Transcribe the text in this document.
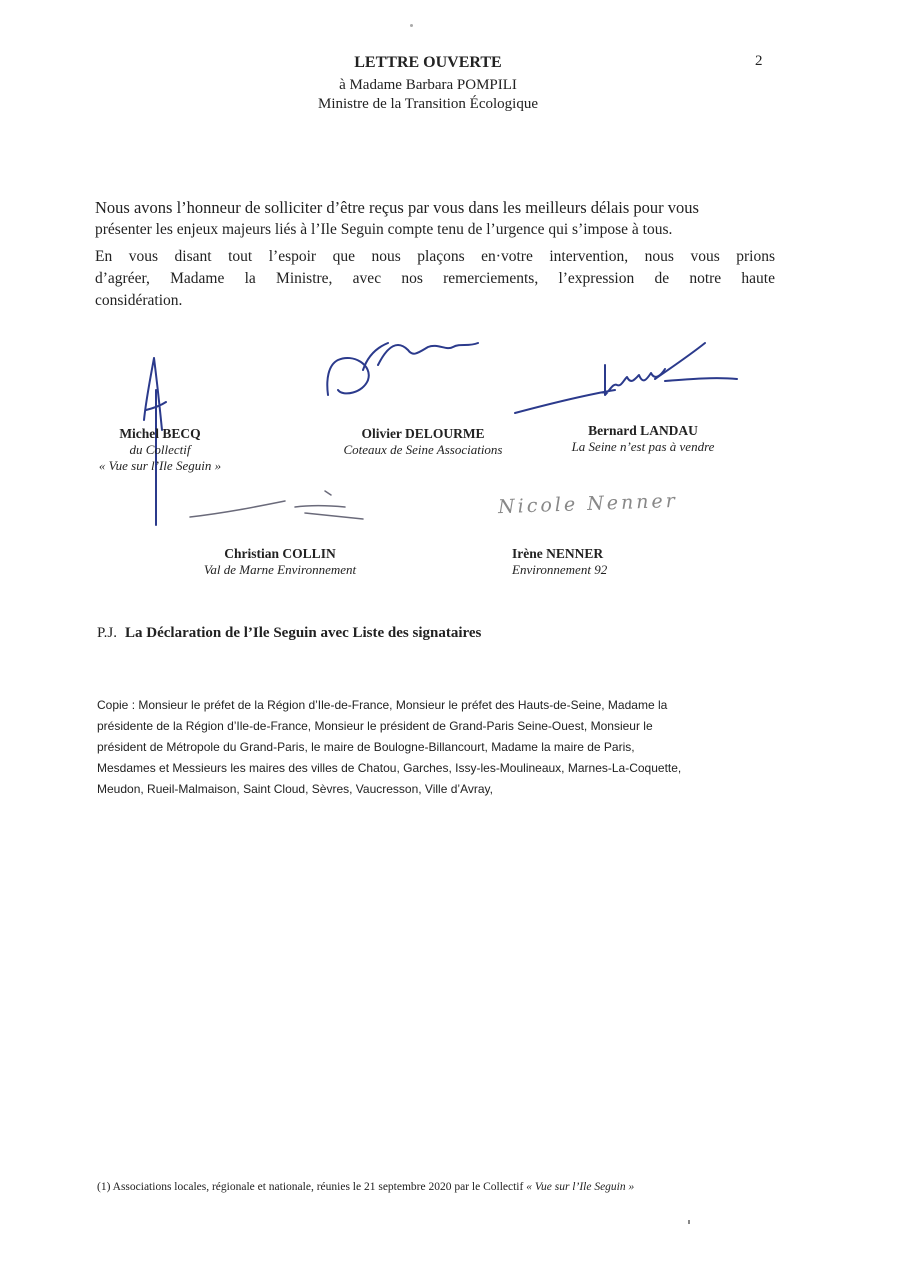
LETTRE OUVERTE
à Madame Barbara POMPILI
Ministre de la Transition Écologique
2
Nous avons l’honneur de solliciter d’être reçus par vous dans les meilleurs délais pour vous
présenter les enjeux majeurs liés à l’Ile Seguin compte tenu de l’urgence qui s’impose à tous.
En vous disant tout l’espoir que nous plaçons en·votre intervention, nous vous prions
d’agréer, Madame la Ministre, avec nos remerciements, l’expression de notre haute
considération.
Nicole Nenner
Michel BECQ
du Collectif
« Vue sur l’Ile Seguin »
Olivier DELOURME
Coteaux de Seine Associations
Bernard LANDAU
La Seine n’est pas à vendre
Christian COLLIN
Val de Marne Environnement
Irène NENNER
Environnement 92
P.J. La Déclaration de l’Ile Seguin avec Liste des signataires
Copie : Monsieur le préfet de la Région d’Ile-de-France, Monsieur le préfet des Hauts-de-Seine, Madame la
présidente de la Région d’Ile-de-France, Monsieur le président de Grand-Paris Seine-Ouest, Monsieur le
président de Métropole du Grand-Paris, le maire de Boulogne-Billancourt, Madame la maire de Paris,
Mesdames et Messieurs les maires des villes de Chatou, Garches, Issy-les-Moulineaux, Marnes-La-Coquette,
Meudon, Rueil-Malmaison, Saint Cloud, Sèvres, Vaucresson, Ville d’Avray,
(1) Associations locales, régionale et nationale, réunies le 21 septembre 2020 par le Collectif « Vue sur l’Ile Seguin »
